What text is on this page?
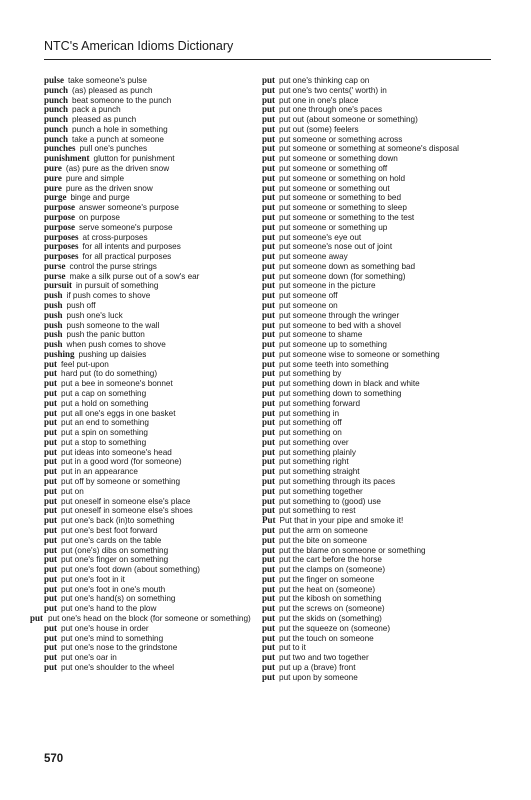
NTC's American Idioms Dictionary
pulse take someone's pulse
punch (as) pleased as punch
punch beat someone to the punch
punch pack a punch
punch pleased as punch
punch punch a hole in something
punch take a punch at someone
punches pull one's punches
punishment glutton for punishment
pure (as) pure as the driven snow
pure pure and simple
pure pure as the driven snow
purge binge and purge
purpose answer someone's purpose
purpose on purpose
purpose serve someone's purpose
purposes at cross-purposes
purposes for all intents and purposes
purposes for all practical purposes
purse control the purse strings
purse make a silk purse out of a sow's ear
pursuit in pursuit of something
push if push comes to shove
push push off
push push one's luck
push push someone to the wall
push push the panic button
push when push comes to shove
pushing pushing up daisies
put feel put-upon
put hard put (to do something)
put put a bee in someone's bonnet
put put a cap on something
put put a hold on something
put put all one's eggs in one basket
put put an end to something
put put a spin on something
put put a stop to something
put put ideas into someone's head
put put in a good word (for someone)
put put in an appearance
put put off by someone or something
put put on
put put oneself in someone else's place
put put oneself in someone else's shoes
put put one's back (in)to something
put put one's best foot forward
put put one's cards on the table
put put (one's) dibs on something
put put one's finger on something
put put one's foot down (about something)
put put one's foot in it
put put one's foot in one's mouth
put put one's hand(s) on something
put put one's hand to the plow
put put one's head on the block (for someone or something)
put put one's house in order
put put one's mind to something
put put one's nose to the grindstone
put put one's oar in
put put one's shoulder to the wheel
put put one's thinking cap on
put put one's two cents(' worth) in
put put one in one's place
put put one through one's paces
put put out (about someone or something)
put put out (some) feelers
put put someone or something across
put put someone or something at someone's disposal
put put someone or something down
put put someone or something off
put put someone or something on hold
put put someone or something out
put put someone or something to bed
put put someone or something to sleep
put put someone or something to the test
put put someone or something up
put put someone's eye out
put put someone's nose out of joint
put put someone away
put put someone down as something bad
put put someone down (for something)
put put someone in the picture
put put someone off
put put someone on
put put someone through the wringer
put put someone to bed with a shovel
put put someone to shame
put put someone up to something
put put someone wise to someone or something
put put some teeth into something
put put something by
put put something down in black and white
put put something down to something
put put something forward
put put something in
put put something off
put put something on
put put something over
put put something plainly
put put something right
put put something straight
put put something through its paces
put put something together
put put something to (good) use
put put something to rest
Put Put that in your pipe and smoke it!
put put the arm on someone
put put the bite on someone
put put the blame on someone or something
put put the cart before the horse
put put the clamps on (someone)
put put the finger on someone
put put the heat on (someone)
put put the kibosh on something
put put the screws on (someone)
put put the skids on (something)
put put the squeeze on (someone)
put put the touch on someone
put put to it
put put two and two together
put put up a (brave) front
put put upon by someone
570
